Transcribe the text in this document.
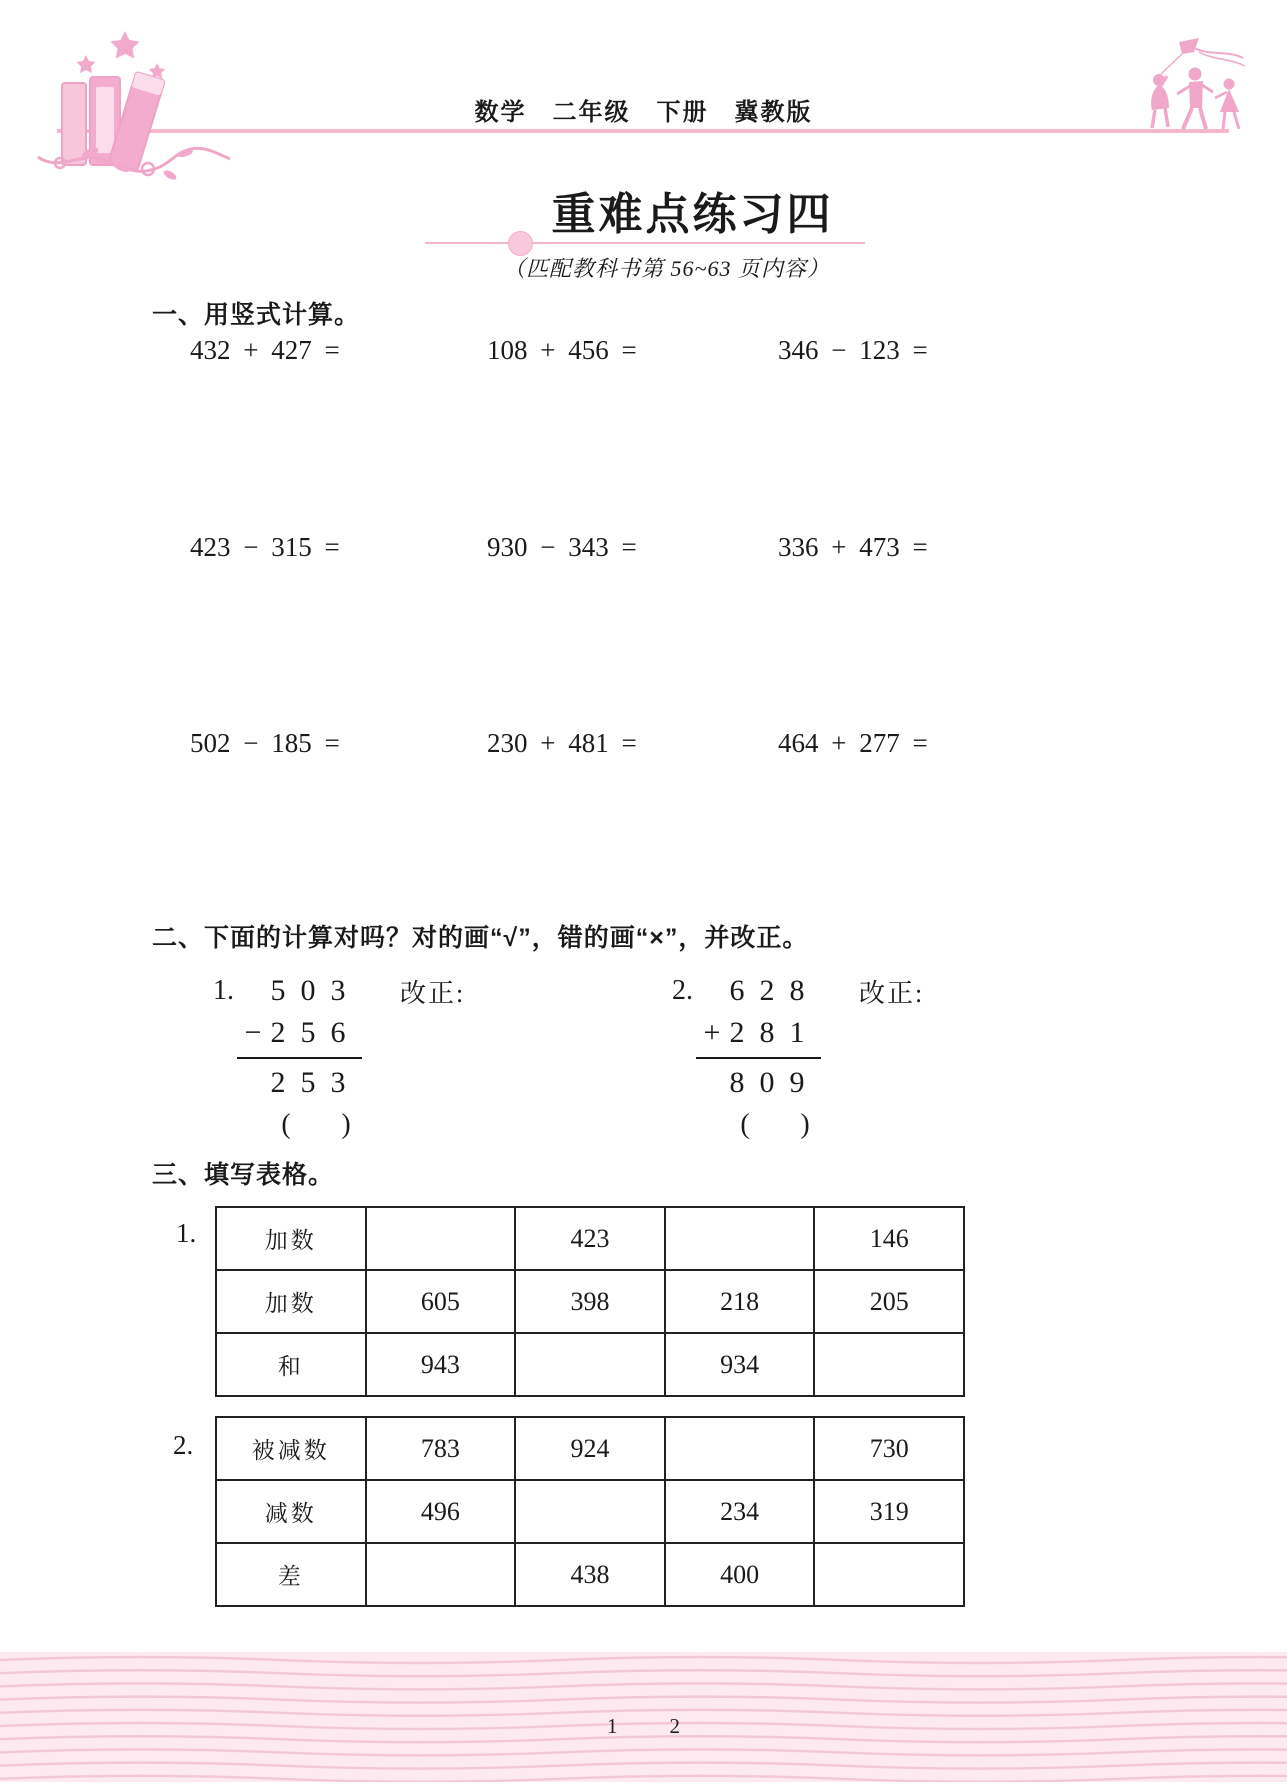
数学　二年级　下册　冀教版
重难点练习四
（匹配教科书第 56~63 页内容）
一、用竖式计算。
432 + 427 =	108 + 456 =	346 − 123 =
423 − 315 =	930 − 343 =	336 + 473 =
502 − 185 =	230 + 481 =	464 + 277 =
二、下面的计算对吗？对的画“√”，错的画“×”，并改正。
1.	5 0 3 改正:
− 2 5 6
2 5 3
(	)
2.	6 2 8 改正:
+ 2 8 1
8 0 9
(	)
三、填写表格。
1.	加数		423		146
加数	605	398	218	205
和	943		934	
2.	被减数	783	924		730
减数	496		234	319
差		438	400	
1 2
